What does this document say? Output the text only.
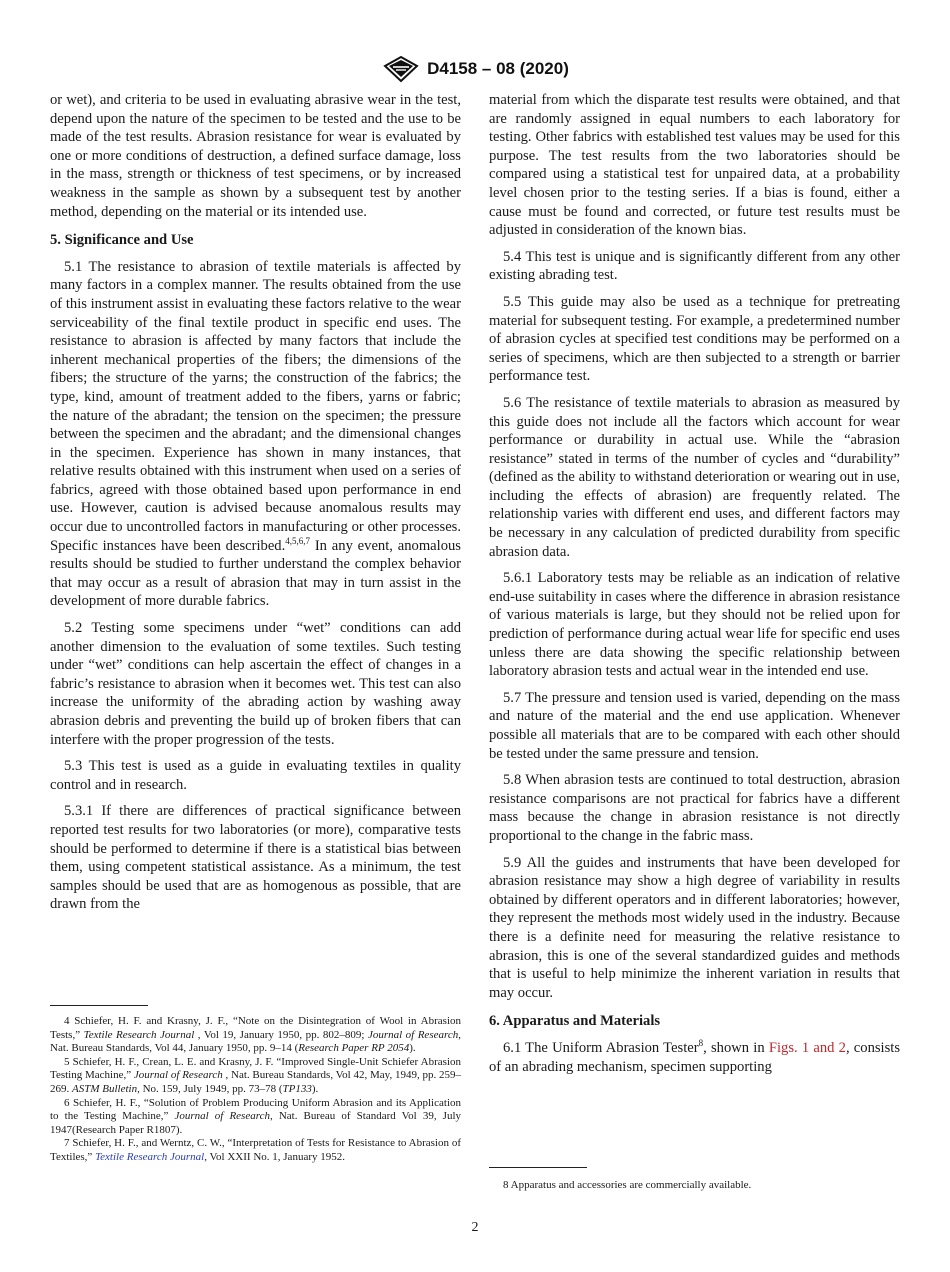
D4158 – 08 (2020)

or wet), and criteria to be used in evaluating abrasive wear in the test, depend upon the nature of the specimen to be tested and the use to be made of the test results. Abrasion resistance for wear is evaluated by one or more conditions of destruction, a defined surface damage, loss in the mass, strength or thickness of test specimens, or by increased weakness in the sample as shown by a subsequent test by another method, depending on the material or its intended use.

5. Significance and Use

5.1 The resistance to abrasion of textile materials is affected by many factors in a complex manner. The results obtained from the use of this instrument assist in evaluating these factors relative to the wear serviceability of the final textile product in specific end uses. The resistance to abrasion is affected by many factors that include the inherent mechanical properties of the fibers; the dimensions of the fibers; the structure of the yarns; the construction of the fabrics; the type, kind, amount of treatment added to the fibers, yarns or fabric; the nature of the abradant; the tension on the specimen; the pressure between the specimen and the abradant; and the dimensional changes in the specimen. Experience has shown in many instances, that relative results obtained with this instrument when used on a series of fabrics, agreed with those obtained based upon performance in end use. However, caution is advised because anomalous results may occur due to uncontrolled factors in manufacturing or other processes. Specific instances have been described.$^{4,5,6,7}$ In any event, anomalous results should be studied to further understand the complex behavior that may occur as a result of abrasion that may in turn assist in the development of more durable fabrics.

5.2 Testing some specimens under “wet” conditions can add another dimension to the evaluation of some textiles. Such testing under “wet” conditions can help ascertain the effect of changes in a fabric’s resistance to abrasion when it becomes wet. This test can also increase the uniformity of the abrading action by washing away abrasion debris and preventing the build up of broken fibers that can interfere with the proper progression of the tests.

5.3 This test is used as a guide in evaluating textiles in quality control and in research.

5.3.1 If there are differences of practical significance between reported test results for two laboratories (or more), comparative tests should be performed to determine if there is a statistical bias between them, using competent statistical assistance. As a minimum, the test samples should be used that are as homogenous as possible, that are drawn from the

4 Schiefer, H. F. and Krasny, J. F., “Note on the Disintegration of Wool in Abrasion Tests,” Textile Research Journal , Vol 19, January 1950, pp. 802–809; Journal of Research, Nat. Bureau Standards, Vol 44, January 1950, pp. 9–14 (Research Paper RP 2054).

5 Schiefer, H. F., Crean, L. E. and Krasny, J. F. “Improved Single-Unit Schiefer Abrasion Testing Machine,” Journal of Research , Nat. Bureau Standards, Vol 42, May, 1949, pp. 259–269. ASTM Bulletin, No. 159, July 1949, pp. 73–78 (TP133).

6 Schiefer, H. F., “Solution of Problem Producing Uniform Abrasion and its Application to the Testing Machine,” Journal of Research, Nat. Bureau of Standard Vol 39, July 1947(Research Paper R1807).

7 Schiefer, H. F., and Werntz, C. W., “Interpretation of Tests for Resistance to Abrasion of Textiles,” Textile Research Journal, Vol XXII No. 1, January 1952.

material from which the disparate test results were obtained, and that are randomly assigned in equal numbers to each laboratory for testing. Other fabrics with established test values may be used for this purpose. The test results from the two laboratories should be compared using a statistical test for unpaired data, at a probability level chosen prior to the testing series. If a bias is found, either a cause must be found and corrected, or future test results must be adjusted in consideration of the known bias.

5.4 This test is unique and is significantly different from any other existing abrading test.

5.5 This guide may also be used as a technique for pretreating material for subsequent testing. For example, a predetermined number of abrasion cycles at specified test conditions may be performed on a series of specimens, which are then subjected to a strength or barrier performance test.

5.6 The resistance of textile materials to abrasion as measured by this guide does not include all the factors which account for wear performance or durability in actual use. While the “abrasion resistance” stated in terms of the number of cycles and “durability” (defined as the ability to withstand deterioration or wearing out in use, including the effects of abrasion) are frequently related. The relationship varies with different end uses, and different factors may be necessary in any calculation of predicted durability from specific abrasion data.

5.6.1 Laboratory tests may be reliable as an indication of relative end-use suitability in cases where the difference in abrasion resistance of various materials is large, but they should not be relied upon for prediction of performance during actual wear life for specific end uses unless there are data showing the specific relationship between laboratory abrasion tests and actual wear in the intended end use.

5.7 The pressure and tension used is varied, depending on the mass and nature of the material and the end use application. Whenever possible all materials that are to be compared with each other should be tested under the same pressure and tension.

5.8 When abrasion tests are continued to total destruction, abrasion resistance comparisons are not practical for fabrics have a different mass because the change in abrasion resistance is not directly proportional to the change in the fabric mass.

5.9 All the guides and instruments that have been developed for abrasion resistance may show a high degree of variability in results obtained by different operators and in different laboratories; however, they represent the methods most widely used in the industry. Because there is a definite need for measuring the relative resistance to abrasion, this is one of the several standardized guides and methods that is useful to help minimize the inherent variation in results that may occur.

6. Apparatus and Materials

6.1 The Uniform Abrasion Tester$^8$, shown in Figs. 1 and 2, consists of an abrading mechanism, specimen supporting

8 Apparatus and accessories are commercially available.

2
